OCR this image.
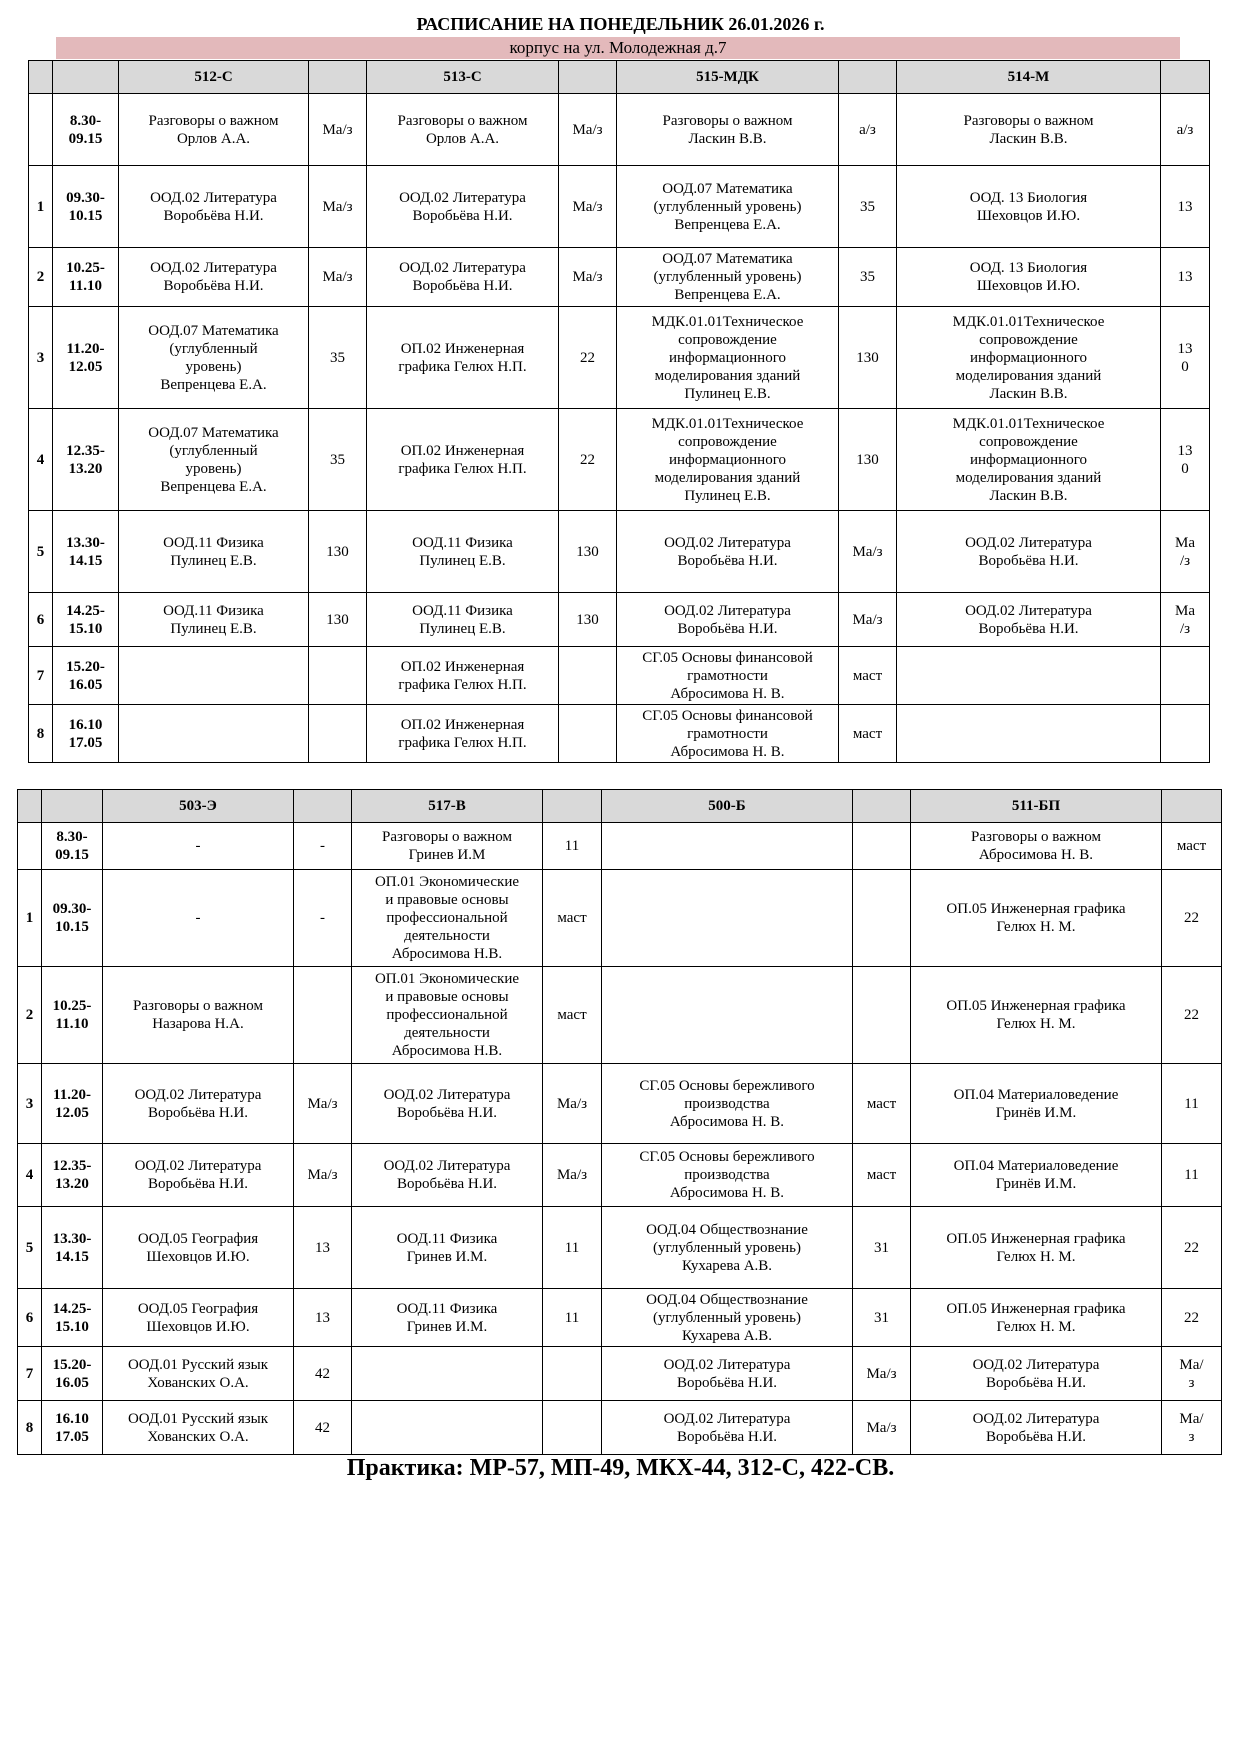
РАСПИСАНИЕ НА ПОНЕДЕЛЬНИК 26.01.2026 г.
корпус на ул. Молодежная д.7
		512-С		513-С		515-МДК		514-М	
	8.30-
09.15	Разговоры о важном
Орлов А.А.	Ма/з	Разговоры о важном
Орлов А.А.	Ма/з	Разговоры о важном
Ласкин В.В.	а/з	Разговоры о важном
Ласкин В.В.	а/з
1	09.30-
10.15	ООД.02 Литература
Воробьёва Н.И.	Ма/з	ООД.02 Литература
Воробьёва Н.И.	Ма/з	ООД.07 Математика
(углубленный уровень)
Вепренцева Е.А.	35	ООД. 13 Биология
Шеховцов И.Ю.	13
2	10.25-
11.10	ООД.02 Литература
Воробьёва Н.И.	Ма/з	ООД.02 Литература
Воробьёва Н.И.	Ма/з	ООД.07 Математика
(углубленный уровень)
Вепренцева Е.А.	35	ООД. 13 Биология
Шеховцов И.Ю.	13
3	11.20-
12.05	ООД.07 Математика
(углубленный
уровень)
Вепренцева Е.А.	35	ОП.02 Инженерная
графика Гелюх Н.П.	22	МДК.01.01Техническое
сопровождение
информационного
моделирования зданий
Пулинец Е.В.	130	МДК.01.01Техническое
сопровождение
информационного
моделирования зданий
Ласкин В.В.	13
0
4	12.35-
13.20	ООД.07 Математика
(углубленный
уровень)
Вепренцева Е.А.	35	ОП.02 Инженерная
графика Гелюх Н.П.	22	МДК.01.01Техническое
сопровождение
информационного
моделирования зданий
Пулинец Е.В.	130	МДК.01.01Техническое
сопровождение
информационного
моделирования зданий
Ласкин В.В.	13
0
5	13.30-
14.15	ООД.11 Физика
Пулинец Е.В.	130	ООД.11 Физика
Пулинец Е.В.	130	ООД.02 Литература
Воробьёва Н.И.	Ма/з	ООД.02 Литература
Воробьёва Н.И.	Ма
/з
6	14.25-
15.10	ООД.11 Физика
Пулинец Е.В.	130	ООД.11 Физика
Пулинец Е.В.	130	ООД.02 Литература
Воробьёва Н.И.	Ма/з	ООД.02 Литература
Воробьёва Н.И.	Ма
/з
7	15.20-
16.05			ОП.02 Инженерная
графика Гелюх Н.П.		СГ.05 Основы финансовой
грамотности
Абросимова Н. В.	маст		
8	16.10
17.05			ОП.02 Инженерная
графика Гелюх Н.П.		СГ.05 Основы финансовой
грамотности
Абросимова Н. В.	маст		
		503-Э		517-В		500-Б		511-БП	
	8.30-
09.15	-	-	Разговоры о важном
Гринев И.М	11			Разговоры о важном
Абросимова Н. В.	маст
1	09.30-
10.15	-	-	ОП.01 Экономические
и правовые основы
профессиональной
деятельности
Абросимова Н.В.	маст			ОП.05 Инженерная графика
Гелюх Н. М.	22
2	10.25-
11.10	Разговоры о важном
Назарова Н.А.		ОП.01 Экономические
и правовые основы
профессиональной
деятельности
Абросимова Н.В.	маст			ОП.05 Инженерная графика
Гелюх Н. М.	22
3	11.20-
12.05	ООД.02 Литература
Воробьёва Н.И.	Ма/з	ООД.02 Литература
Воробьёва Н.И.	Ма/з	СГ.05 Основы бережливого
производства
Абросимова Н. В.	маст	ОП.04 Материаловедение
Гринёв И.М.	11
4	12.35-
13.20	ООД.02 Литература
Воробьёва Н.И.	Ма/з	ООД.02 Литература
Воробьёва Н.И.	Ма/з	СГ.05 Основы бережливого
производства
Абросимова Н. В.	маст	ОП.04 Материаловедение
Гринёв И.М.	11
5	13.30-
14.15	ООД.05 География
Шеховцов И.Ю.	13	ООД.11 Физика
Гринев И.М.	11	ООД.04 Обществознание
(углубленный уровень)
Кухарева А.В.	31	ОП.05 Инженерная графика
Гелюх Н. М.	22
6	14.25-
15.10	ООД.05 География
Шеховцов И.Ю.	13	ООД.11 Физика
Гринев И.М.	11	ООД.04 Обществознание
(углубленный уровень)
Кухарева А.В.	31	ОП.05 Инженерная графика
Гелюх Н. М.	22
7	15.20-
16.05	ООД.01 Русский язык
Хованских О.А.	42			ООД.02 Литература
Воробьёва Н.И.	Ма/з	ООД.02 Литература
Воробьёва Н.И.	Ма/
з
8	16.10
17.05	ООД.01 Русский язык
Хованских О.А.	42			ООД.02 Литература
Воробьёва Н.И.	Ма/з	ООД.02 Литература
Воробьёва Н.И.	Ма/
з
Практика: МР-57, МП-49, МКХ-44, 312-С, 422-СВ.
